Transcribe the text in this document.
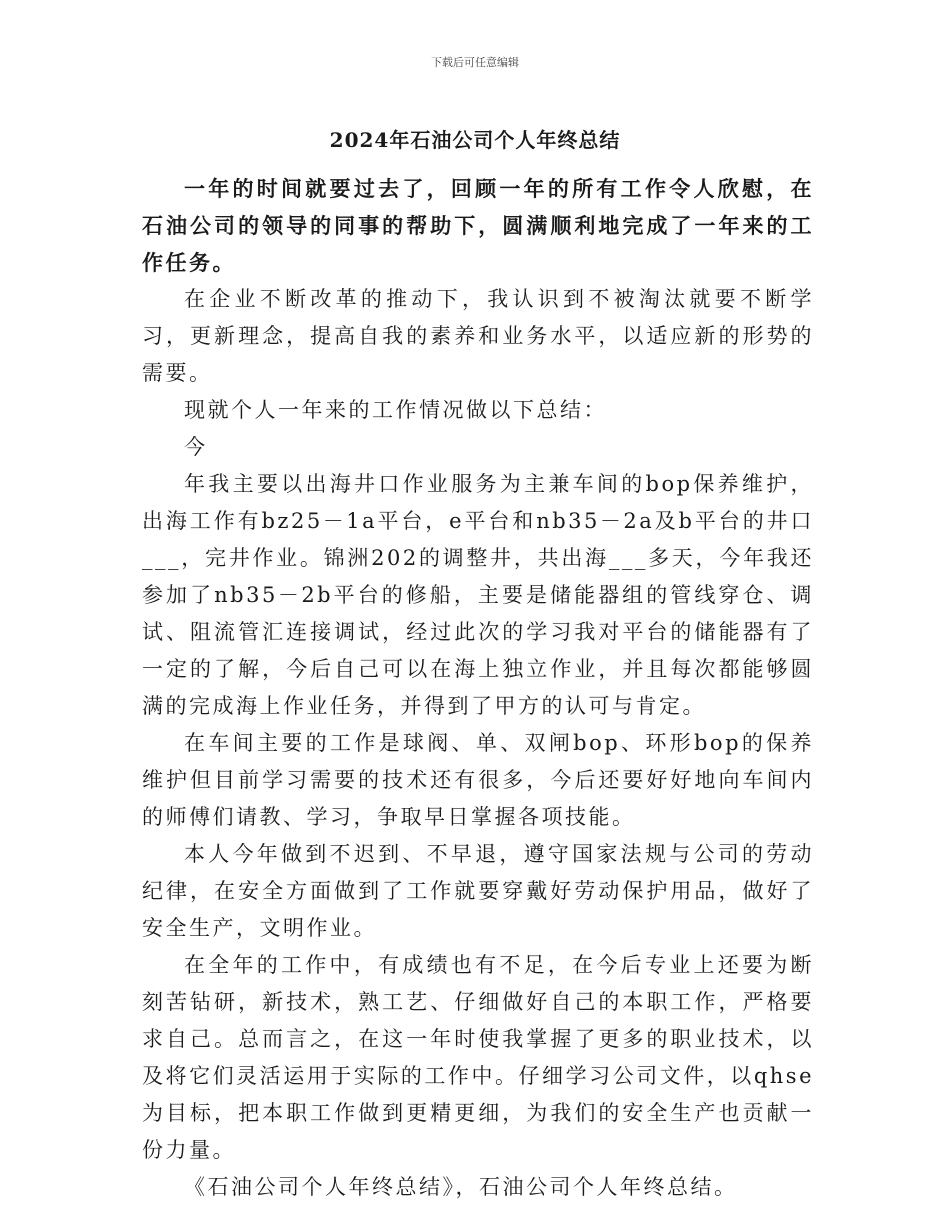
下载后可任意编辑
2024年石油公司个人年终总结

一年的时间就要过去了，回顾一年的所有工作令人欣慰，在石油公司的领导的同事的帮助下，圆满顺利地完成了一年来的工作任务。

在企业不断改革的推动下，我认识到不被淘汰就要不断学习，更新理念，提高自我的素养和业务水平，以适应新的形势的需要。

现就个人一年来的工作情况做以下总结：

今

年我主要以出海井口作业服务为主兼车间的bop保养维护，出海工作有bz25－1a平台，e平台和nb35－2a及b平台的井口___，完井作业。锦洲202的调整井，共出海___多天，今年我还参加了nb35－2b平台的修船，主要是储能器组的管线穿仓、调试、阻流管汇连接调试，经过此次的学习我对平台的储能器有了一定的了解，今后自己可以在海上独立作业，并且每次都能够圆满的完成海上作业任务，并得到了甲方的认可与肯定。

在车间主要的工作是球阀、单、双闸bop、环形bop的保养维护但目前学习需要的技术还有很多，今后还要好好地向车间内的师傅们请教、学习，争取早日掌握各项技能。

本人今年做到不迟到、不早退，遵守国家法规与公司的劳动纪律，在安全方面做到了工作就要穿戴好劳动保护用品，做好了安全生产，文明作业。

在全年的工作中，有成绩也有不足，在今后专业上还要为断刻苦钻研，新技术，熟工艺、仔细做好自己的本职工作，严格要求自己。总而言之，在这一年时使我掌握了更多的职业技术，以及将它们灵活运用于实际的工作中。仔细学习公司文件，以qhse为目标，把本职工作做到更精更细，为我们的安全生产也贡献一份力量。

《石油公司个人年终总结》，石油公司个人年终总结。
